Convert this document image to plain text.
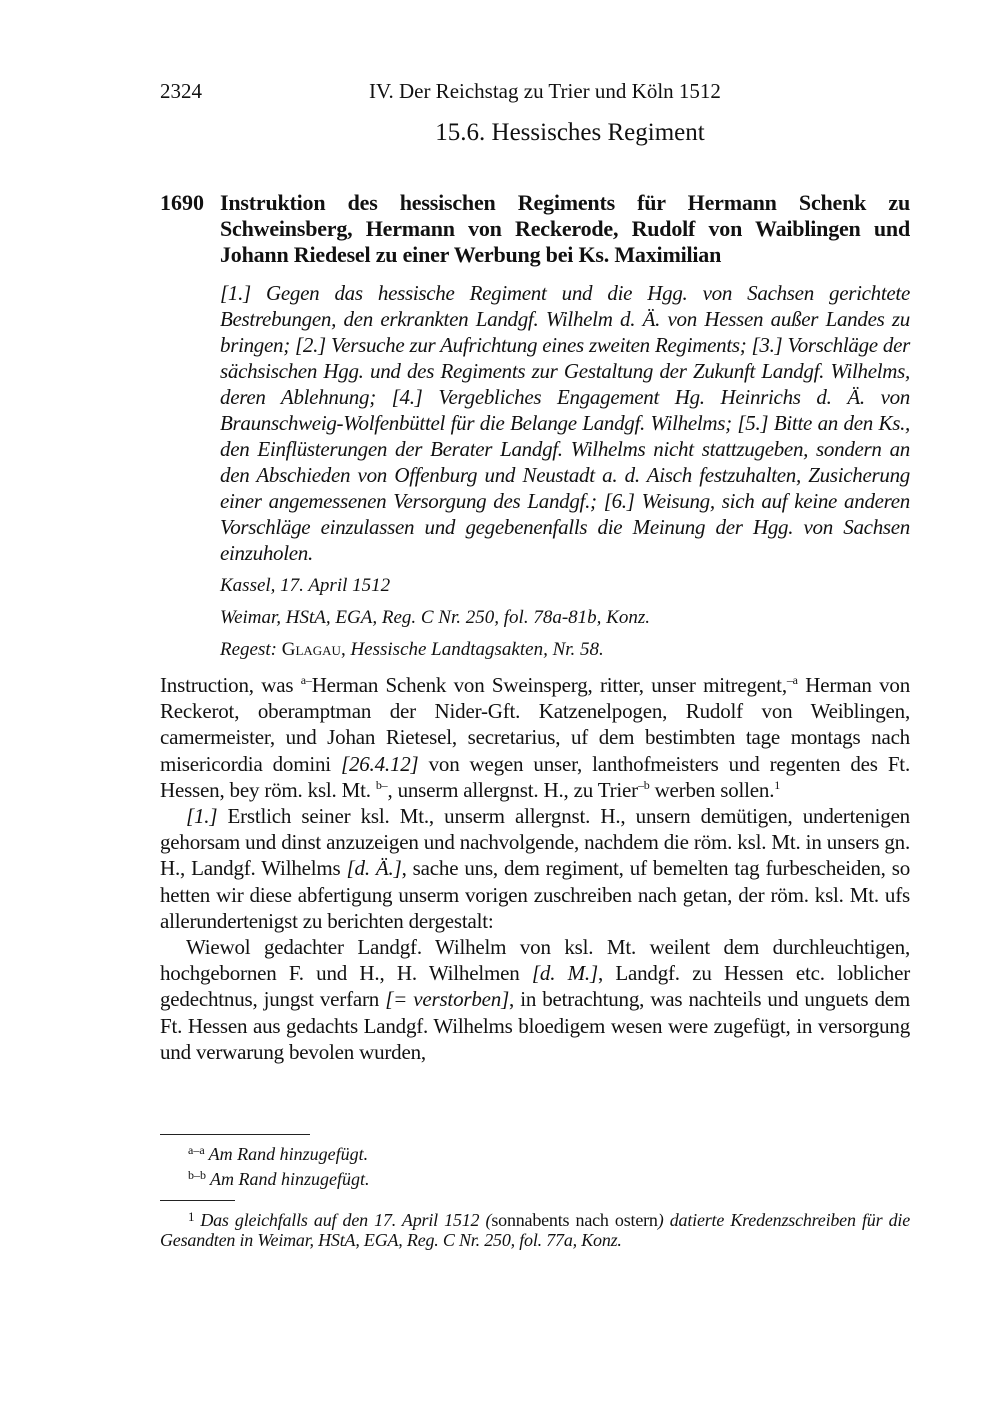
2324	IV. Der Reichstag zu Trier und Köln 1512
15.6. Hessisches Regiment
1690 Instruktion des hessischen Regiments für Hermann Schenk zu Schweinsberg, Hermann von Reckerode, Rudolf von Waiblingen und Johann Riedesel zu einer Werbung bei Ks. Maximilian
[1.] Gegen das hessische Regiment und die Hgg. von Sachsen gerichtete Bestrebungen, den erkrankten Landgf. Wilhelm d. Ä. von Hessen außer Landes zu bringen; [2.] Versuche zur Aufrichtung eines zweiten Regiments; [3.] Vorschläge der sächsischen Hgg. und des Regiments zur Gestaltung der Zukunft Landgf. Wilhelms, deren Ablehnung; [4.] Vergebliches Engagement Hg. Heinrichs d. Ä. von Braunschweig-Wolfenbüttel für die Belange Landgf. Wilhelms; [5.] Bitte an den Ks., den Einflüsterungen der Berater Landgf. Wilhelms nicht stattzugeben, sondern an den Abschieden von Offenburg und Neustadt a. d. Aisch festzuhalten, Zusicherung einer angemessenen Versorgung des Landgf.; [6.] Weisung, sich auf keine anderen Vorschläge einzulassen und gegebenenfalls die Meinung der Hgg. von Sachsen einzuholen.
Kassel, 17. April 1512
Weimar, HStA, EGA, Reg. C Nr. 250, fol. 78a-81b, Konz.
Regest: Glagau, Hessische Landtagsakten, Nr. 58.

Instruction, was $^{a-}$Herman Schenk von Sweinsperg, ritter, unser mitregent,$^{-a}$ Herman von Reckerot, oberamptman der Nider-Gft. Katzenelpogen, Rudolf von Weiblingen, camermeister, und Johan Rietesel, secretarius, uf dem bestimbten tage montags nach misericordia domini [26.4.12] von wegen unser, lanthofmeisters und regenten des Ft. Hessen, bey röm. ksl. Mt. $^{b-}$, unserm allergnst. H., zu Trier$^{-b}$ werben sollen.$^1$

[1.] Erstlich seiner ksl. Mt., unserm allergnst. H., unsern demütigen, undertenigen gehorsam und dinst anzuzeigen und nachvolgende, nachdem die röm. ksl. Mt. in unsers gn. H., Landgf. Wilhelms [d. Ä.], sache uns, dem regiment, uf bemelten tag furbescheiden, so hetten wir diese abfertigung unserm vorigen zuschreiben nach getan, der röm. ksl. Mt. ufs allerundertenigst zu berichten dergestalt:

Wiewol gedachter Landgf. Wilhelm von ksl. Mt. weilent dem durchleuchtigen, hochgebornen F. und H., H. Wilhelmen [d. M.], Landgf. zu Hessen etc. loblicher gedechtnus, jungst verfarn [= verstorben], in betrachtung, was nachteils und unguets dem Ft. Hessen aus gedachts Landgf. Wilhelms bloedigem wesen were zugefügt, in versorgung und verwarung bevolen wurden,

$^{a-a}$ Am Rand hinzugefügt.
$^{b-b}$ Am Rand hinzugefügt.
$^1$ Das gleichfalls auf den 17. April 1512 (sonnabents nach ostern) datierte Kredenzschreiben für die Gesandten in Weimar, HStA, EGA, Reg. C Nr. 250, fol. 77a, Konz.
